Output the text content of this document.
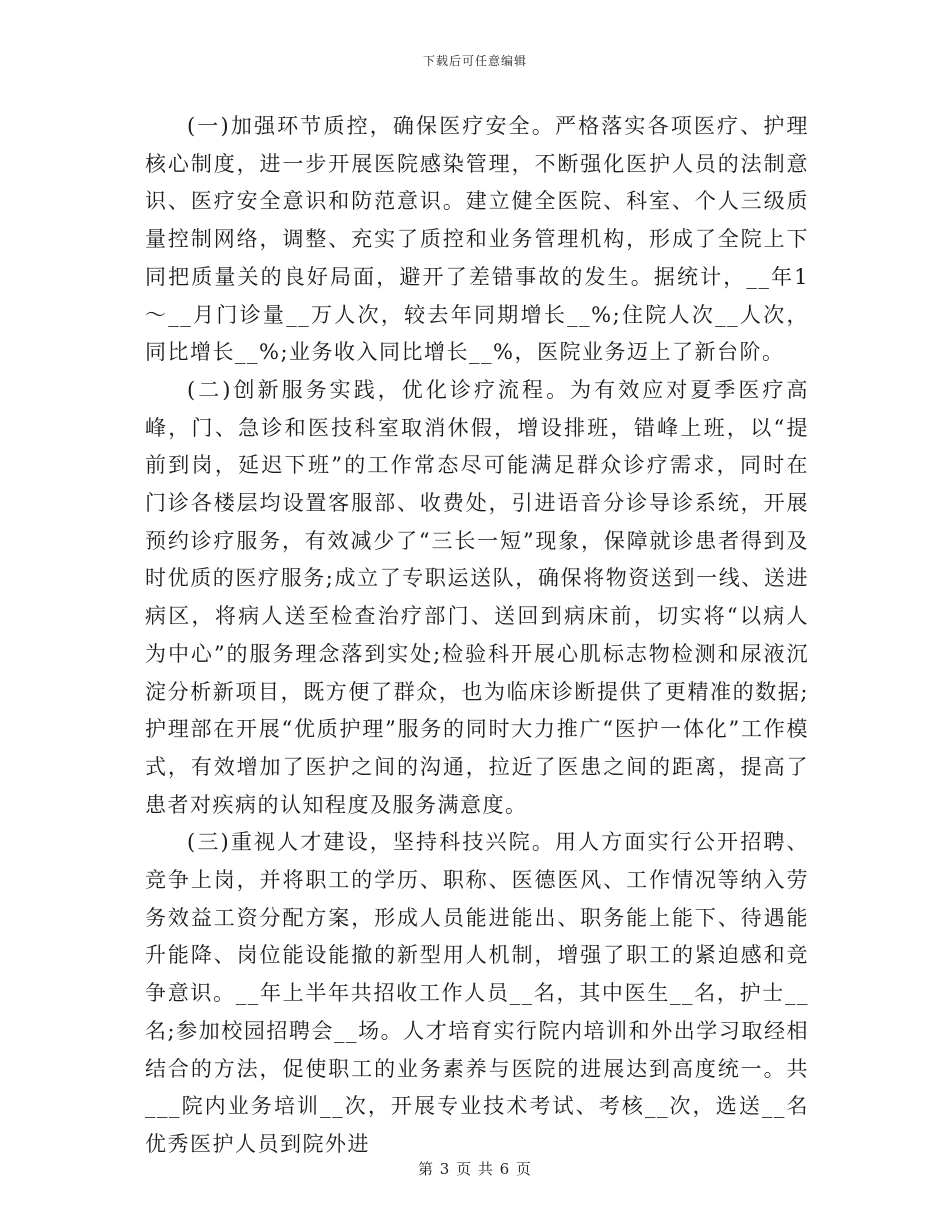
下载后可任意编辑

(一)加强环节质控，确保医疗安全。严格落实各项医疗、护理核心制度，进一步开展医院感染管理，不断强化医护人员的法制意识、医疗安全意识和防范意识。建立健全医院、科室、个人三级质量控制网络，调整、充实了质控和业务管理机构，形成了全院上下同把质量关的良好局面，避开了差错事故的发生。据统计，__年1～__月门诊量__万人次，较去年同期增长__%;住院人次__人次，同比增长__%;业务收入同比增长__%，医院业务迈上了新台阶。

(二)创新服务实践，优化诊疗流程。为有效应对夏季医疗高峰，门、急诊和医技科室取消休假，增设排班，错峰上班，以“提前到岗，延迟下班”的工作常态尽可能满足群众诊疗需求，同时在门诊各楼层均设置客服部、收费处，引进语音分诊导诊系统，开展预约诊疗服务，有效减少了“三长一短”现象，保障就诊患者得到及时优质的医疗服务;成立了专职运送队，确保将物资送到一线、送进病区，将病人送至检查治疗部门、送回到病床前，切实将“以病人为中心”的服务理念落到实处;检验科开展心肌标志物检测和尿液沉淀分析新项目，既方便了群众，也为临床诊断提供了更精准的数据;护理部在开展“优质护理”服务的同时大力推广“医护一体化”工作模式，有效增加了医护之间的沟通，拉近了医患之间的距离，提高了患者对疾病的认知程度及服务满意度。

(三)重视人才建设，坚持科技兴院。用人方面实行公开招聘、竞争上岗，并将职工的学历、职称、医德医风、工作情况等纳入劳务效益工资分配方案，形成人员能进能出、职务能上能下、待遇能升能降、岗位能设能撤的新型用人机制，增强了职工的紧迫感和竞争意识。__年上半年共招收工作人员__名，其中医生__名，护士__名;参加校园招聘会__场。人才培育实行院内培训和外出学习取经相结合的方法，促使职工的业务素养与医院的进展达到高度统一。共___院内业务培训__次，开展专业技术考试、考核__次，选送__名优秀医护人员到院外进

第 3 页 共 6 页
